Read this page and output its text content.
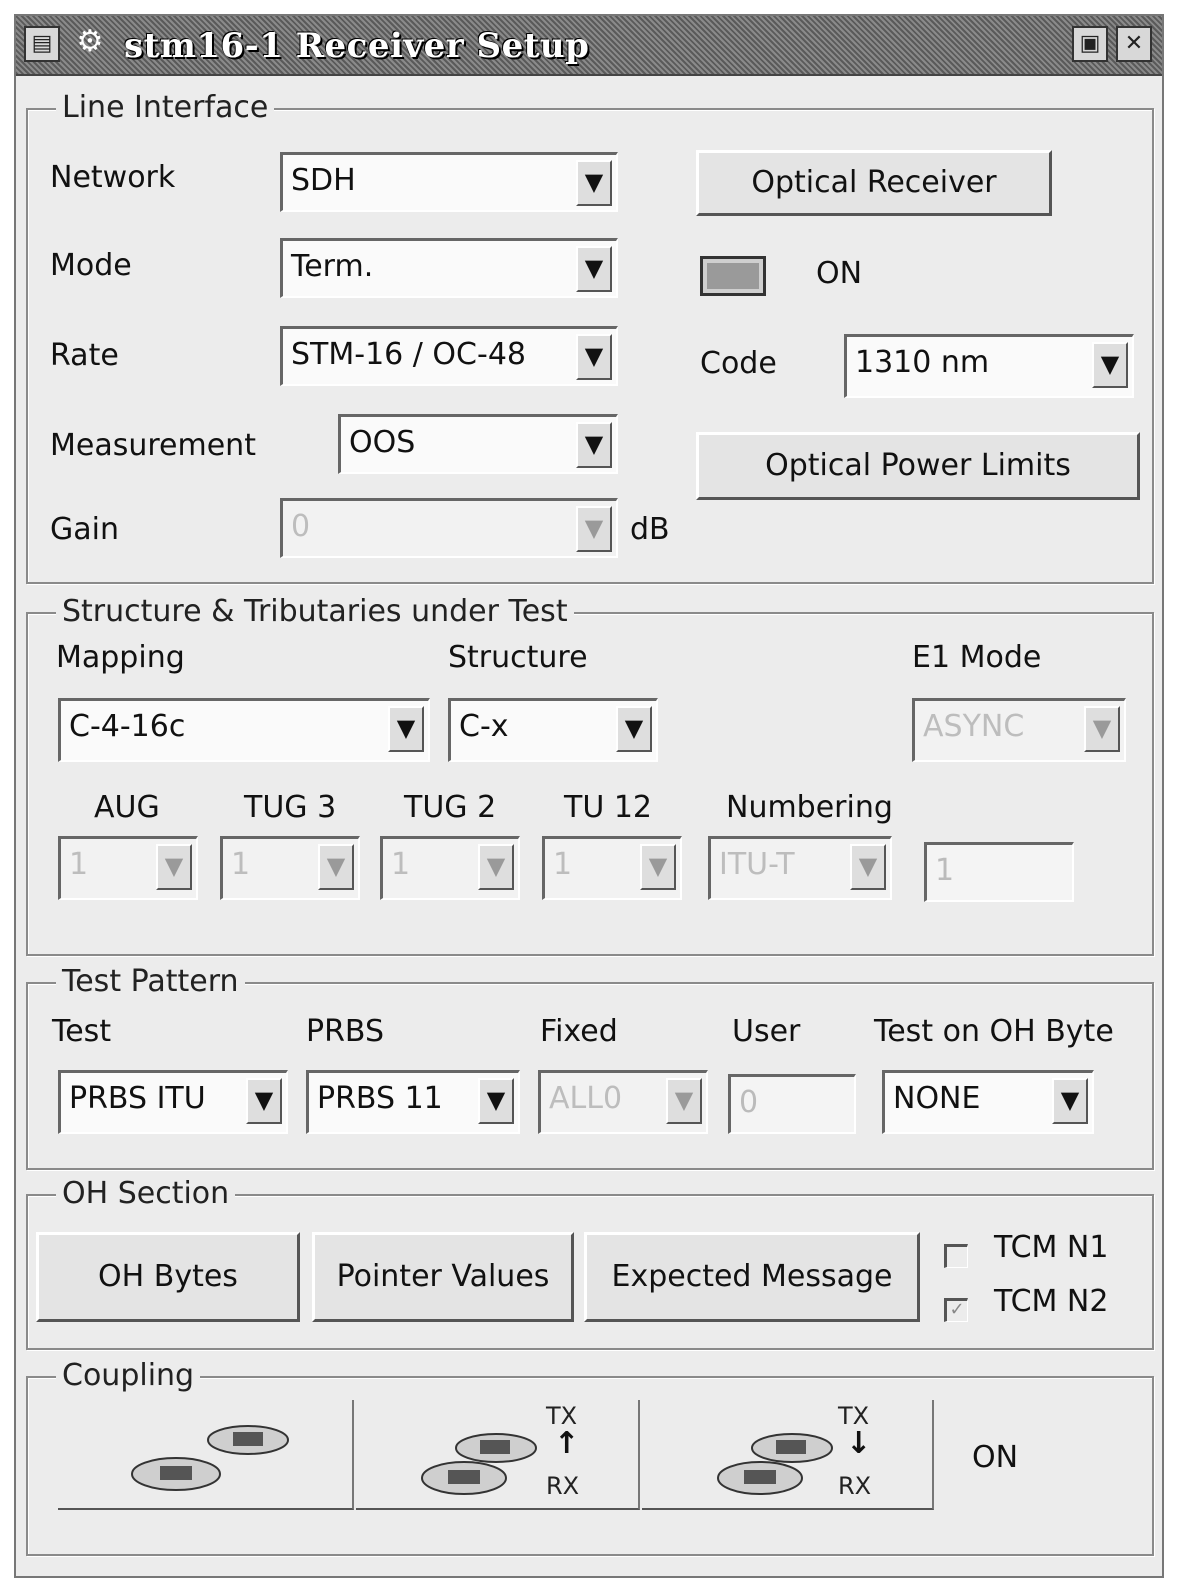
▤ ⚙ stm16-1 Receiver Setup	▣	✕
Line Interface
Network	SDH	▼
Mode	Term.	▼
Rate	STM-16 / OC-48	▼
Measurement	OOS	▼
Gain	0	▼ dB
Optical Receiver
ON
Code	1310 nm	▼
Optical Power Limits
Structure & Tributaries under Test
Mapping
C-4-16c	▼
Structure
C-x	▼
E1 Mode
ASYNC	▼
AUG
1	▼
TUG 3
1	▼
TUG 2
1	▼
TU 12
1	▼
Numbering
ITU-T	▼ 1
Test Pattern
Test
PRBS ITU	▼
PRBS
PRBS 11	▼
Fixed
ALL0	▼
User
0
Test on OH Byte
NONE	▼
OH Section
OH Bytes	Pointer Values	Expected Message
TCM N1
✓ TCM N2
Coupling
TX
↑
RX
TX
↓
RX
ON
